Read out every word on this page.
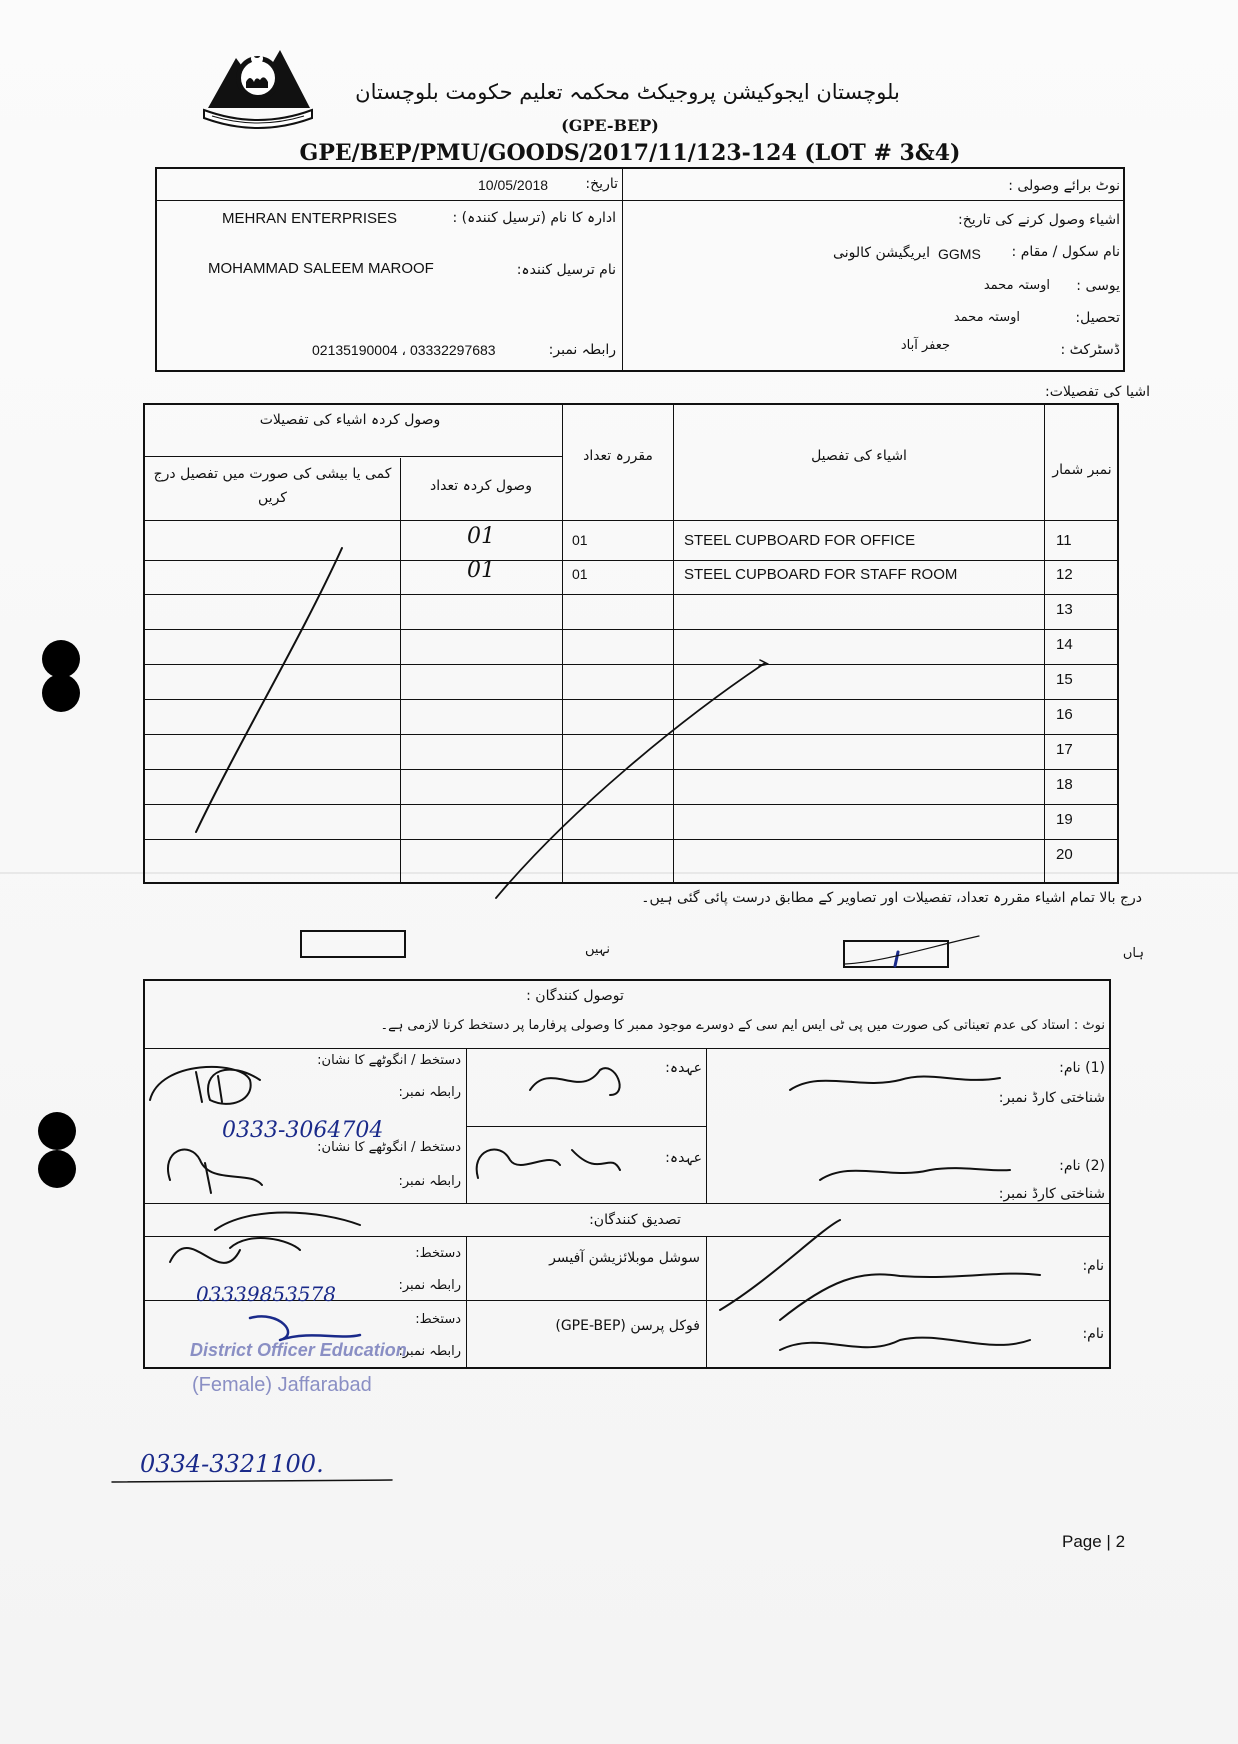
بلوچستان ایجوکیشن پروجیکٹ محکمہ تعلیم حکومت بلوچستان
(GPE-BEP)
GPE/BEP/PMU/GOODS/2017/11/123-124 (LOT # 3&4)
تاریخ:
10/05/2018
ادارہ کا نام (ترسیل کنندہ) :
MEHRAN ENTERPRISES
نام ترسیل کنندہ:
MOHAMMAD SALEEM MAROOF
رابطہ نمبر:
02135190004 ، 03332297683
نوٹ برائے وصولی :
اشیاء وصول کرنے کی تاریخ:
نام سکول / مقام :
GGMS
ایریگیشن کالونی
یوسی :
اوستہ محمد
تحصیل:
اوستہ محمد
ڈسٹرکٹ :
جعفر آباد
اشیا کی تفصیلات:
وصول کردہ اشیاء کی تفصیلات
کمی یا بیشی کی صورت میں تفصیل درج کریں
وصول کردہ تعداد
مقررہ تعداد	اشیاء کی تفصیل
نمبر شمار
11
STEEL CUPBOARD FOR OFFICE
01
01
12
STEEL CUPBOARD FOR STAFF ROOM
01
01
13
14
15
16
17
18
19
20
درج بالا تمام اشیاء مقررہ تعداد، تفصیلات اور تصاویر کے مطابق درست پائی گئی ہیں۔
نہیں	ہاں
توصول کنندگان :
نوٹ : استاد کی عدم تعیناتی کی صورت میں پی ٹی ایس ایم سی کے دوسرے موجود ممبر کا وصولی پرفارما پر دستخط کرنا لازمی ہے۔
(1) نام:
شناختی کارڈ نمبر:
عہدہ:
دستخط / انگوٹھے کا نشان:
رابطہ نمبر:
0333-3064704
(2) نام:
شناختی کارڈ نمبر:
عہدہ:
دستخط / انگوٹھے کا نشان:
رابطہ نمبر:
تصدیق کنندگان:
نام:
سوشل موبلائزیشن آفیسر
دستخط:
رابطہ نمبر:
03339853578
نام:
فوکل پرسن (GPE-BEP)
دستخط:
رابطہ نمبر:
District Officer Education
(Female) Jaffarabad
0334-3321100.
Page | 2
